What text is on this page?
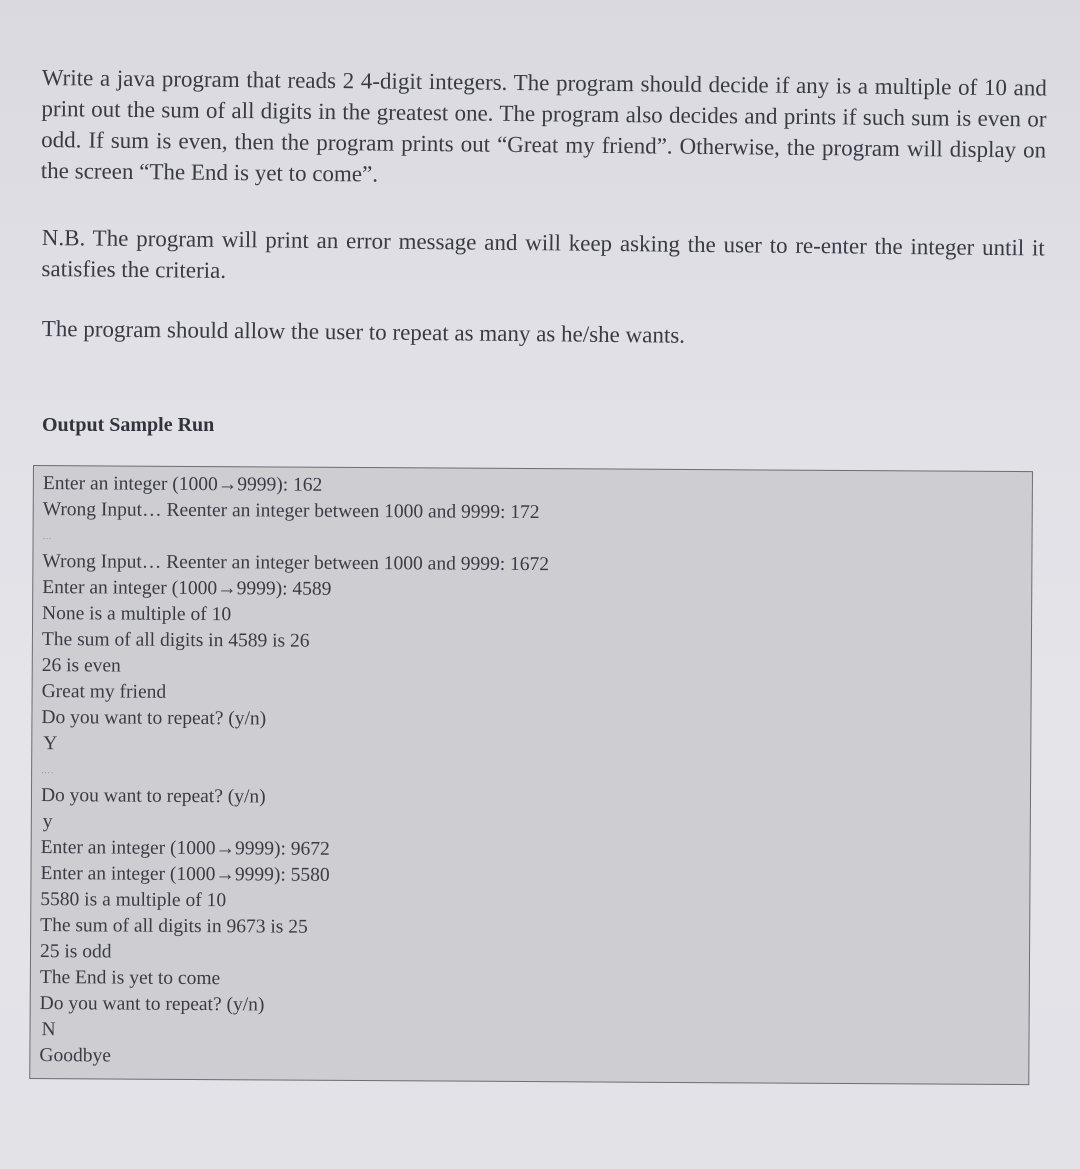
Write a java program that reads 2 4-digit integers. The program should decide if any is a multiple of 10 and print out the sum of all digits in the greatest one. The program also decides and prints if such sum is even or odd. If sum is even, then the program prints out “Great my friend”. Otherwise, the program will display on the screen “The End is yet to come”.

N.B. The program will print an error message and will keep asking the user to re-enter the integer until it satisfies the criteria.

The program should allow the user to repeat as many as he/she wants.

Output Sample Run

Enter an integer (1000→9999): 162
Wrong Input… Reenter an integer between 1000 and 9999: 172
…
Wrong Input… Reenter an integer between 1000 and 9999: 1672
Enter an integer (1000→9999): 4589
None is a multiple of 10
The sum of all digits in 4589 is 26
26 is even
Great my friend
Do you want to repeat? (y/n)
Y
….
Do you want to repeat? (y/n)
y
Enter an integer (1000→9999): 9672
Enter an integer (1000→9999): 5580
5580 is a multiple of 10
The sum of all digits in 9673 is 25
25 is odd
The End is yet to come
Do you want to repeat? (y/n)
N
Goodbye
